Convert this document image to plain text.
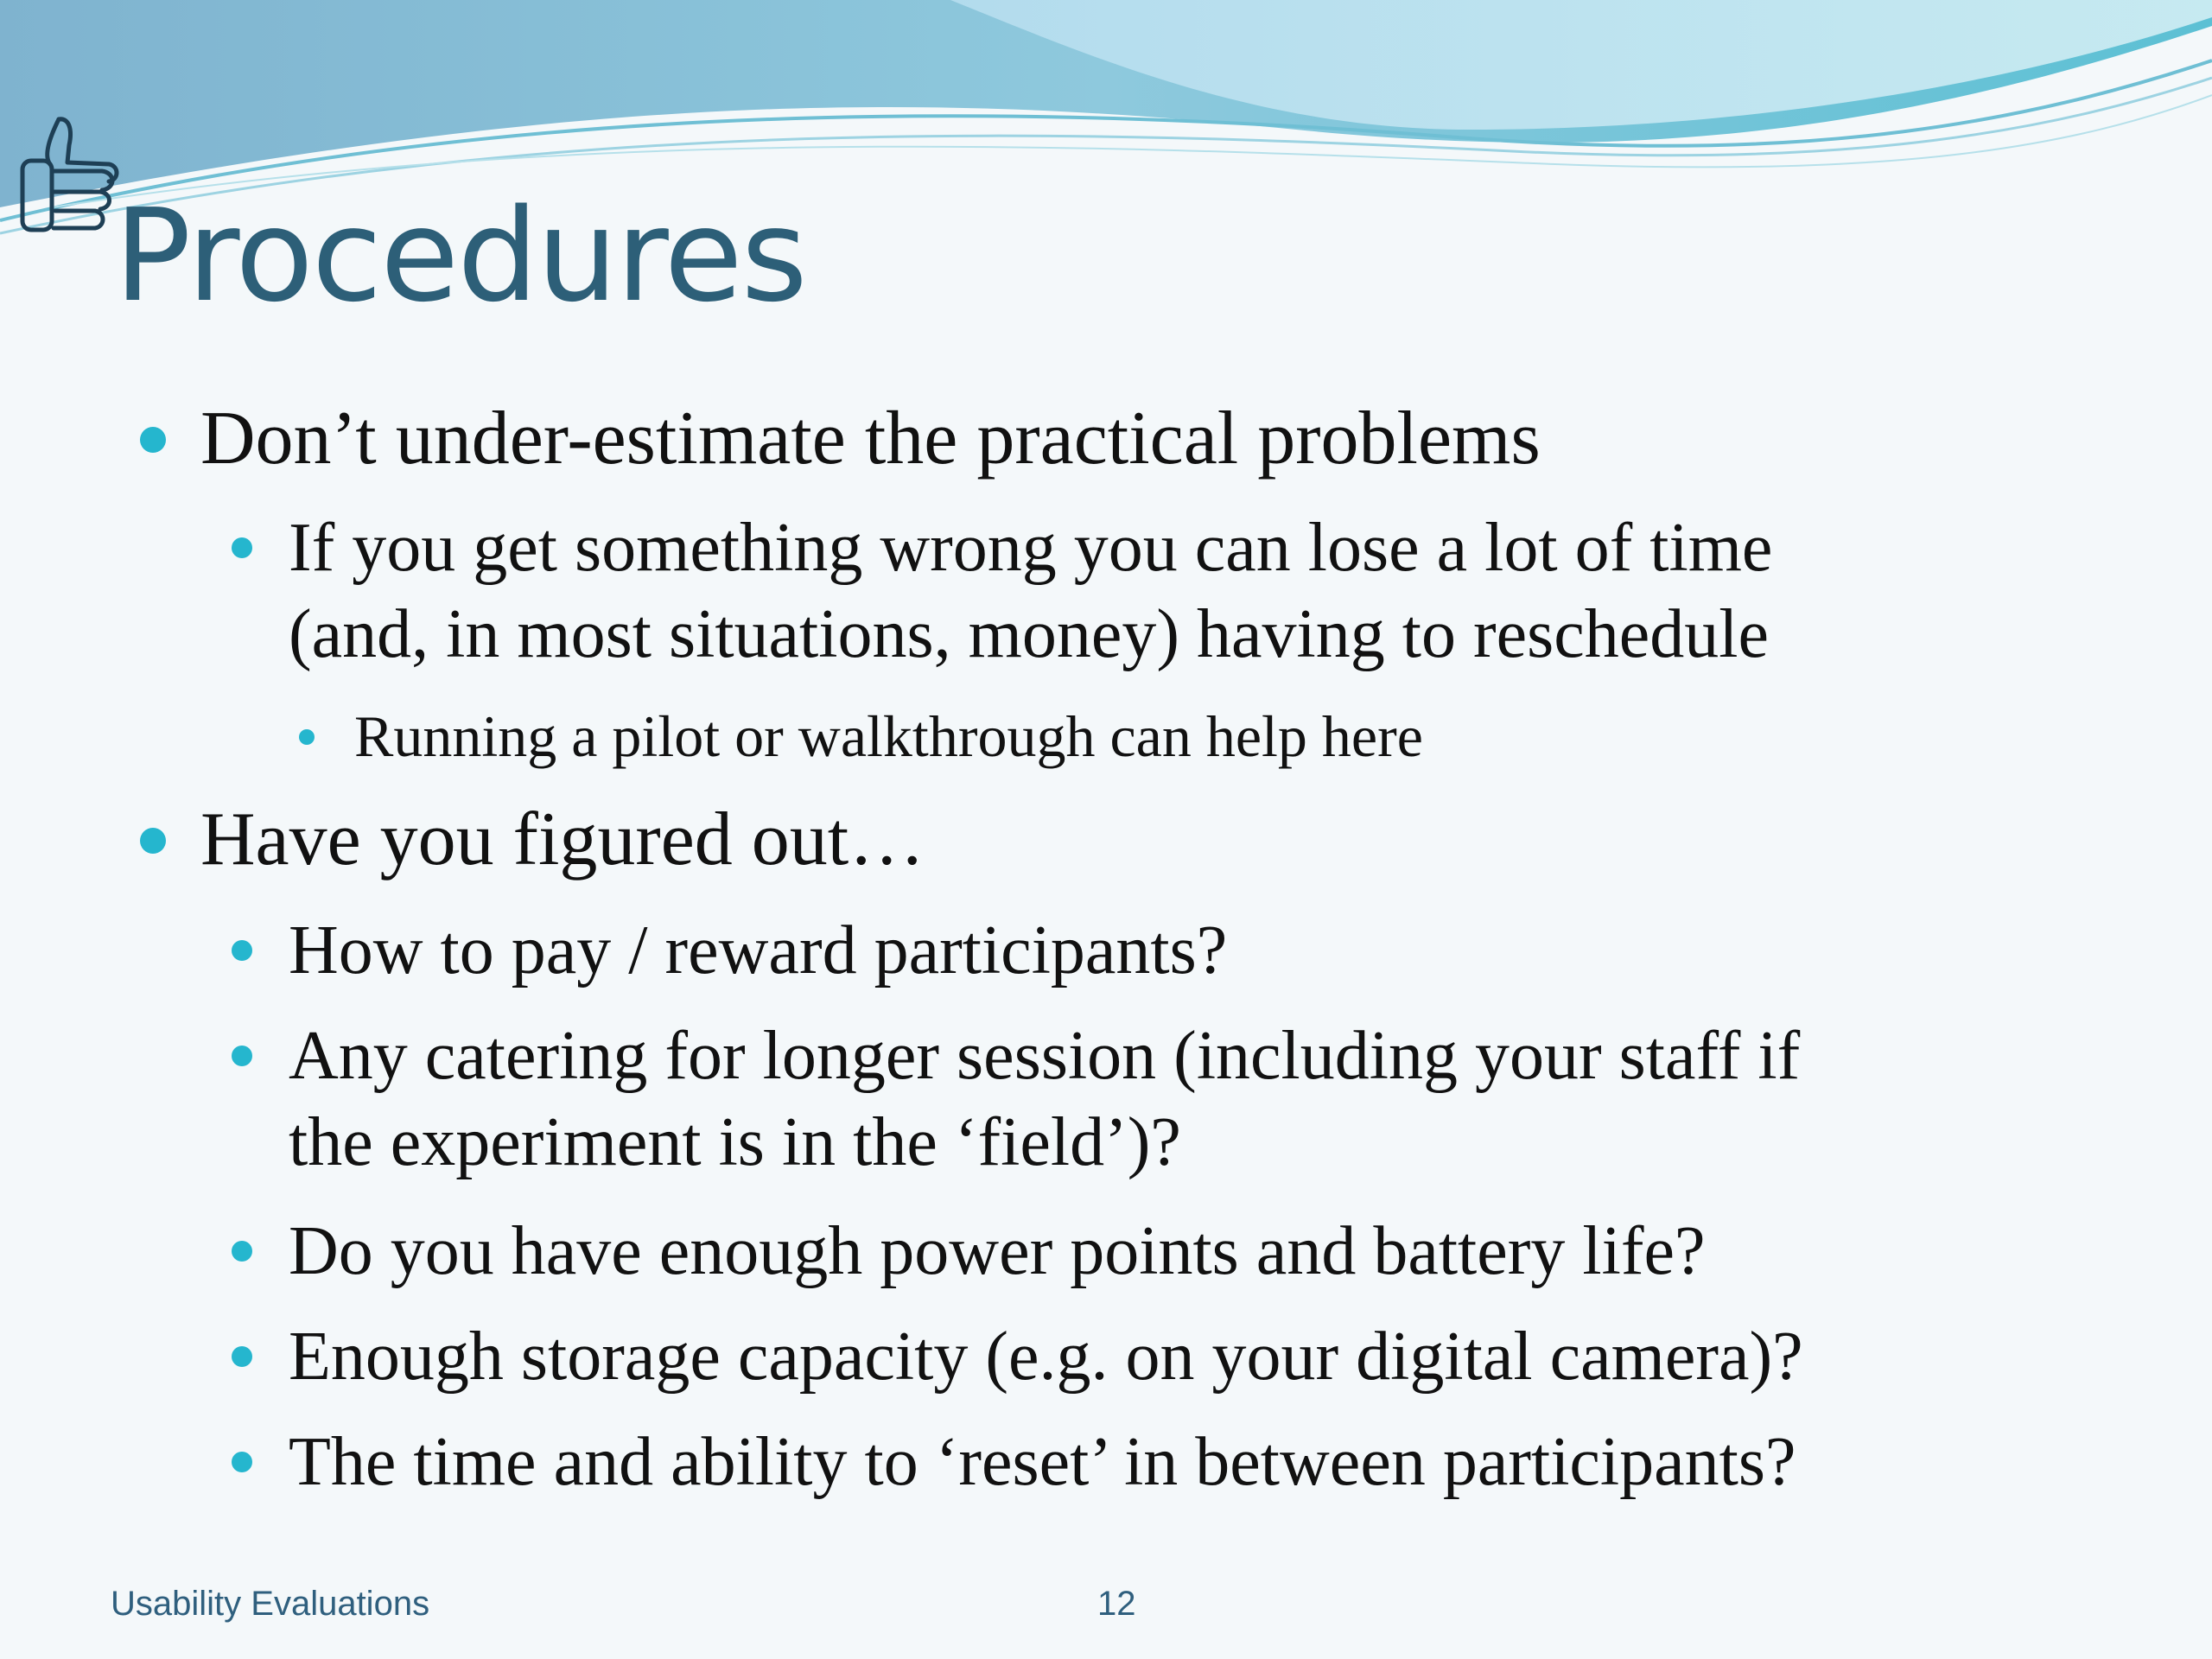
Procedures
Don’t under-estimate the practical problems
If you get something wrong you can lose a lot of time
(and, in most situations, money) having to reschedule
Running a pilot or walkthrough can help here
Have you figured out…
How to pay / reward participants?
Any catering for longer session (including your staff if
the experiment is in the ‘field’)?
Do you have enough power points and battery life?
Enough storage capacity (e.g. on your digital camera)?
The time and ability to ‘reset’ in between participants?
Usability Evaluations	12
